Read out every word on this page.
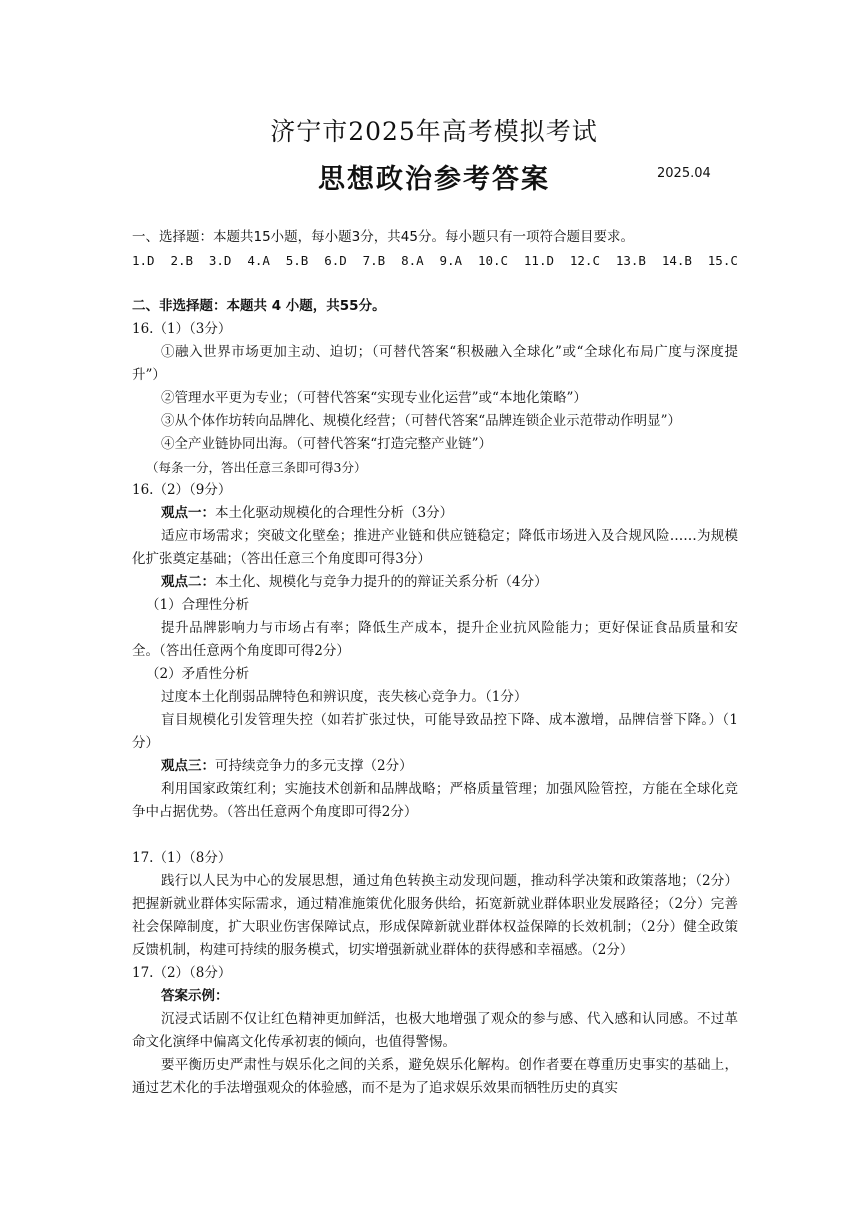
济宁市2025年高考模拟考试
思想政治参考答案	2025.04
一、选择题：本题共15小题，每小题3分，共45分。每小题只有一项符合题目要求。
1.D 2.B 3.D 4.A 5.B 6.D 7.B 8.A 9.A 10.C 11.D 12.C 13.B 14.B 15.C
二、非选择题：本题共 4 小题，共55分。
16.（1）（3分）
①融入世界市场更加主动、迫切；（可替代答案“积极融入全球化”或“全球化布局广度与深度提升”）
②管理水平更为专业；（可替代答案“实现专业化运营”或“本地化策略”）
③从个体作坊转向品牌化、规模化经营；（可替代答案“品牌连锁企业示范带动作明显”）
④全产业链协同出海。（可替代答案“打造完整产业链”）
（每条一分，答出任意三条即可得3分）
16.（2）（9分）
观点一：本土化驱动规模化的合理性分析（3分）
适应市场需求；突破文化壁垒；推进产业链和供应链稳定；降低市场进入及合规风险……为规模化扩张奠定基础；（答出任意三个角度即可得3分）
观点二：本土化、规模化与竞争力提升的的辩证关系分析（4分）
（1）合理性分析
提升品牌影响力与市场占有率；降低生产成本，提升企业抗风险能力；更好保证食品质量和安全。（答出任意两个角度即可得2分）
（2）矛盾性分析
过度本土化削弱品牌特色和辨识度，丧失核心竞争力。（1分）
盲目规模化引发管理失控（如若扩张过快，可能导致品控下降、成本激增，品牌信誉下降。）（1分）
观点三：可持续竞争力的多元支撑（2分）
利用国家政策红利；实施技术创新和品牌战略；严格质量管理；加强风险管控，方能在全球化竞争中占据优势。（答出任意两个角度即可得2分）
17.（1）（8分）
践行以人民为中心的发展思想，通过角色转换主动发现问题，推动科学决策和政策落地；（2分）把握新就业群体实际需求，通过精准施策优化服务供给，拓宽新就业群体职业发展路径；（2分）完善社会保障制度，扩大职业伤害保障试点，形成保障新就业群体权益保障的长效机制；（2分）健全政策反馈机制，构建可持续的服务模式，切实增强新就业群体的获得感和幸福感。（2分）
17.（2）（8分）
答案示例：
沉浸式话剧不仅让红色精神更加鲜活，也极大地增强了观众的参与感、代入感和认同感。不过革命文化演绎中偏离文化传承初衷的倾向，也值得警惕。
要平衡历史严肃性与娱乐化之间的关系，避免娱乐化解构。创作者要在尊重历史事实的基础上，通过艺术化的手法增强观众的体验感，而不是为了追求娱乐效果而牺牲历史的真实
